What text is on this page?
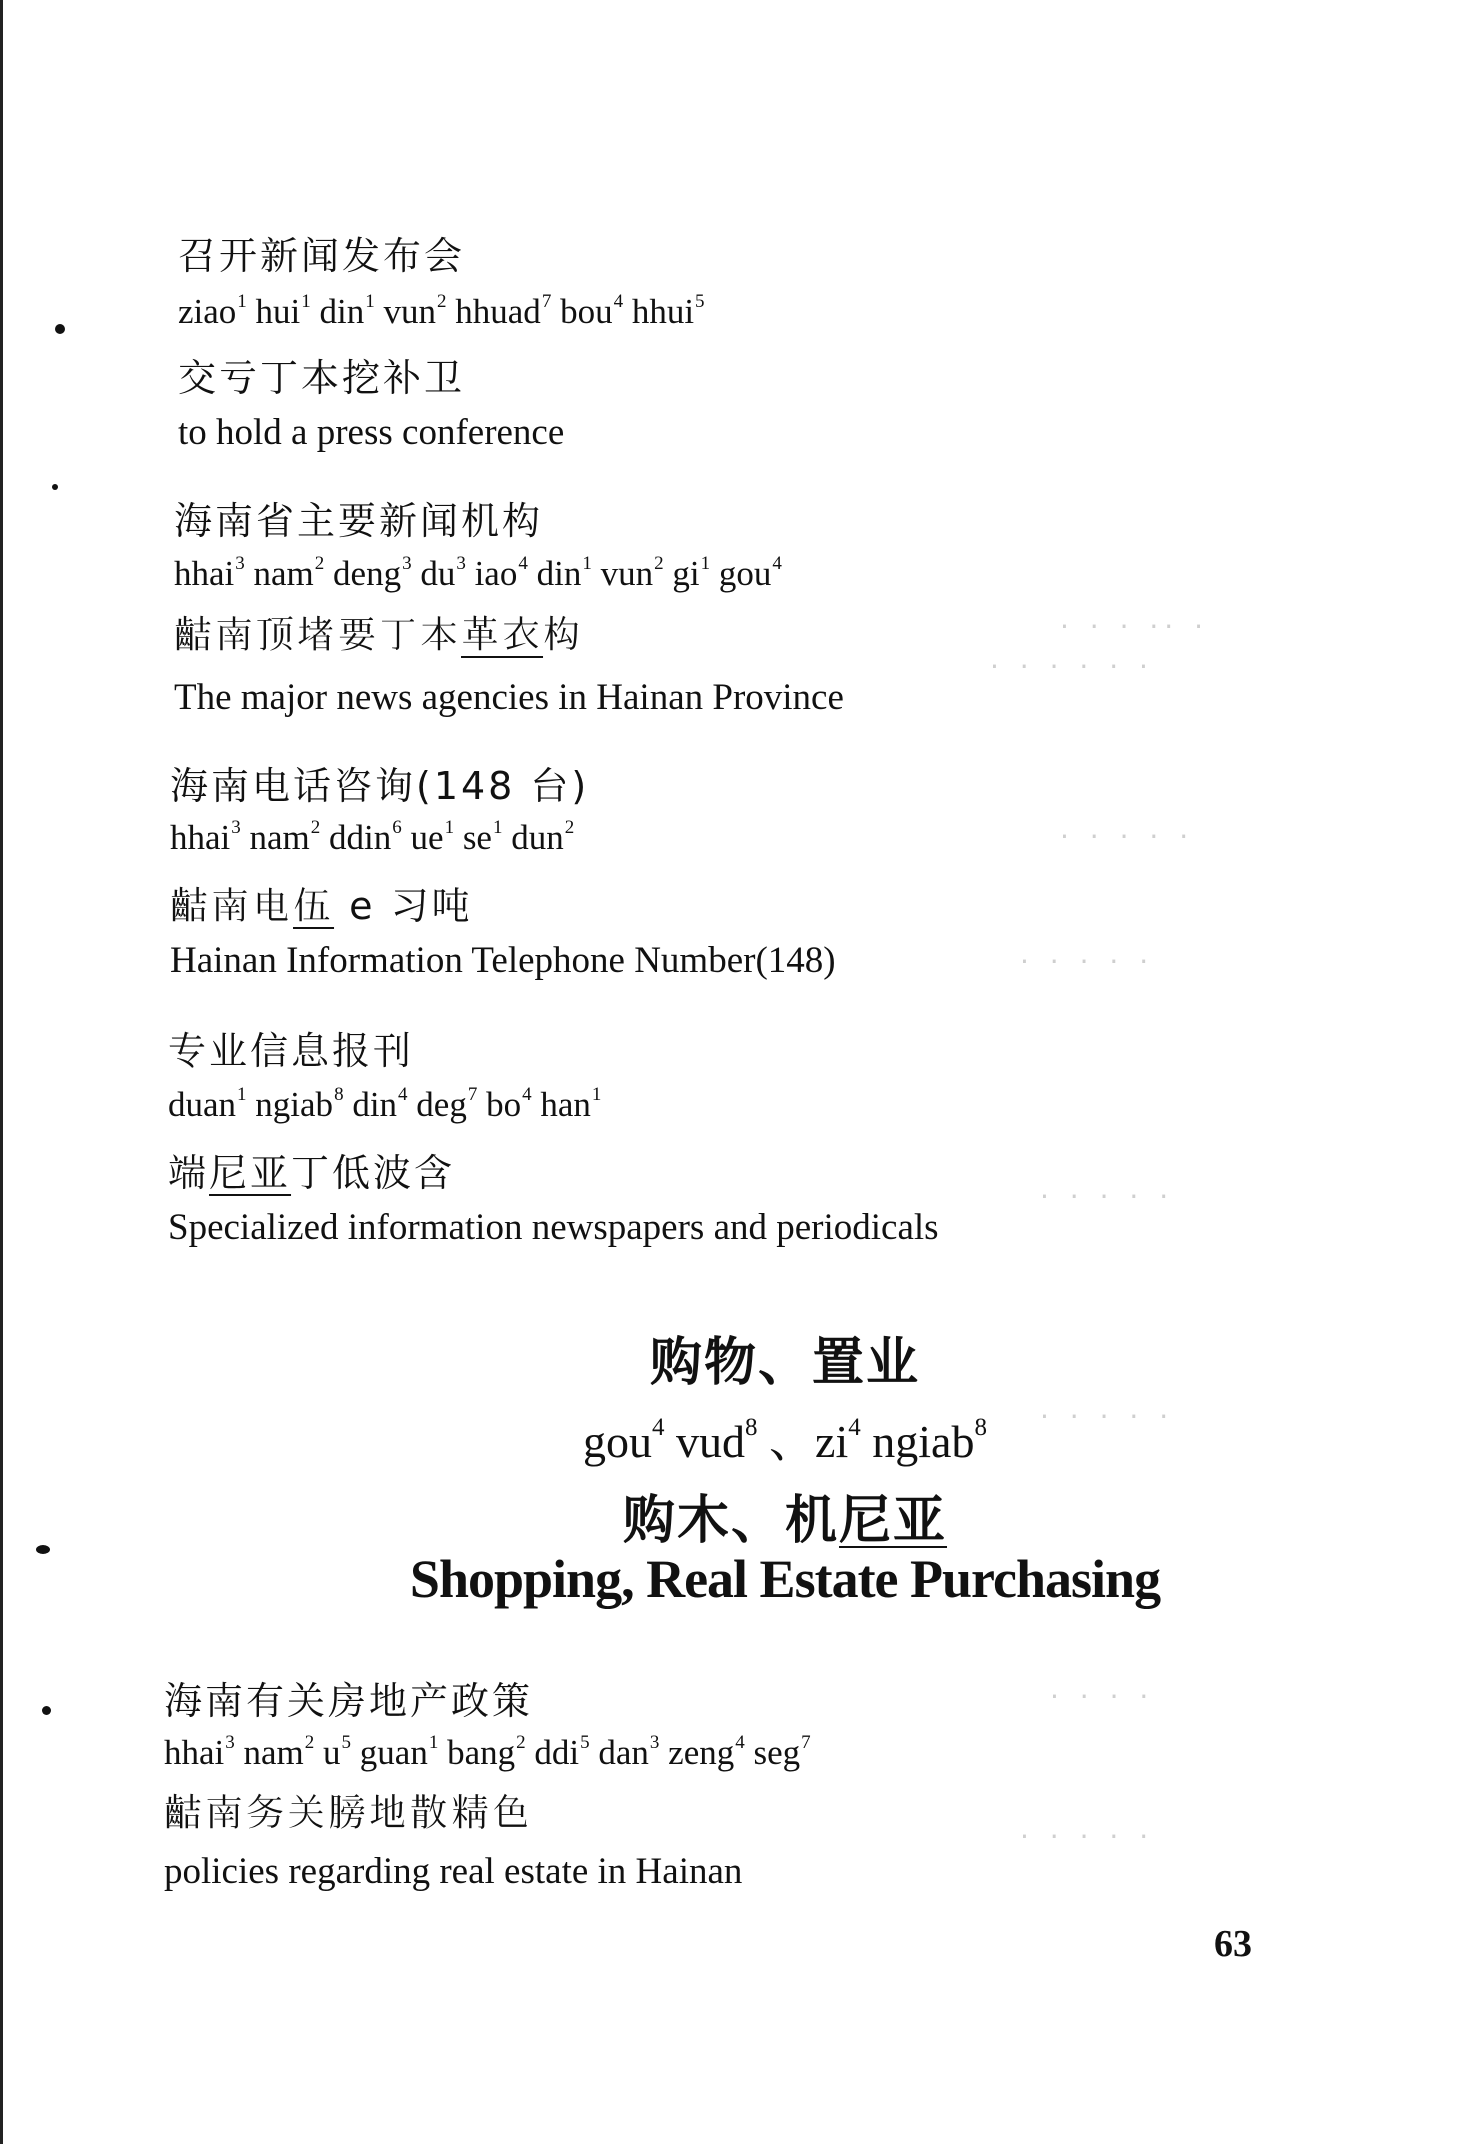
· · · ·· ·
· · · · · ·
· · · · ·
· · · · ·
· · · · ·
· · · · ·
· · · ·
· · · · ·
召开新闻发布会
ziao$^1$ hui$^1$ din$^1$ vun$^2$ hhuad$^7$ bou$^4$ hhui$^5$
交亏丁本挖补卫
to hold a press conference
海南省主要新闻机构
hhai$^3$ nam$^2$ deng$^3$ $du^3$ iao$^4$ din$^1$ vun$^2$ $gi^1$ gou$^4$
𪗾南顶堵要丁本革衣构
The major news agencies in Hainan Province
海南电话咨询(148 台)
hhai$^3$ nam$^2$ ddin$^6$ $ue^1$ $se^1$ dun$^2$
𪗾南电伍 e 习吨
Hainan Information Telephone Number(148)
专业信息报刊
duan$^1$ ngiab$^8$ din$^4$ deg$^7$ $bo^4$ han$^1$
端尼亚丁低波含
Specialized information newspapers and periodicals
购物、置业
gou$^4$ vud$^8$ 、$zi^4$ ngiab$^8$
购木、机尼亚
Shopping, Real Estate Purchasing
海南有关房地产政策
hhai$^3$ nam$^2$ $u^5$ guan$^1$ bang$^2$ ddi$^5$ dan$^3$ zeng$^4$ seg$^7$
𪗾南务关膀地散精色
policies regarding real estate in Hainan
63
